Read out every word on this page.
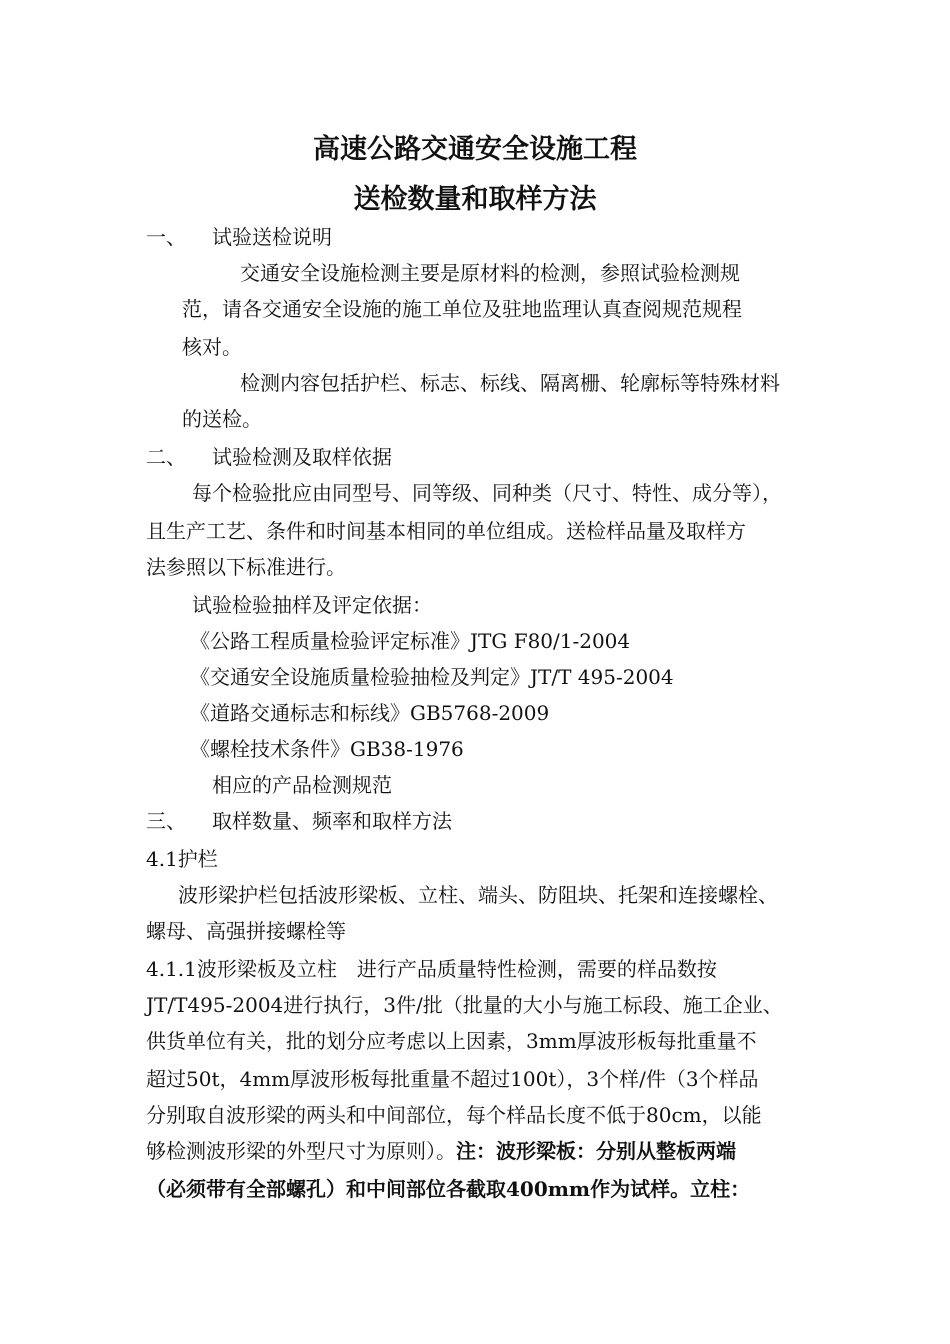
高速公路交通安全设施工程
送检数量和取样方法
一、 试验送检说明
交通安全设施检测主要是原材料的检测，参照试验检测规
范，请各交通安全设施的施工单位及驻地监理认真查阅规范规程
核对。
检测内容包括护栏、标志、标线、隔离栅、轮廓标等特殊材料
的送检。
二、 试验检测及取样依据
每个检验批应由同型号、同等级、同种类（尺寸、特性、成分等），
且生产工艺、条件和时间基本相同的单位组成。送检样品量及取样方
法参照以下标准进行。
试验检验抽样及评定依据：
《公路工程质量检验评定标准》JTG F80/1-2004
《交通安全设施质量检验抽检及判定》JT/T 495-2004
《道路交通标志和标线》GB5768-2009
《螺栓技术条件》GB38-1976
相应的产品检测规范
三、 取样数量、频率和取样方法
4.1护栏
波形梁护栏包括波形梁板、立柱、端头、防阻块、托架和连接螺栓、
螺母、高强拼接螺栓等
4.1.1波形梁板及立柱　进行产品质量特性检测，需要的样品数按
JT/T495-2004进行执行，3件/批（批量的大小与施工标段、施工企业、
供货单位有关，批的划分应考虑以上因素，3mm厚波形板每批重量不
超过50t，4mm厚波形板每批重量不超过100t），3个样/件（3个样品
分别取自波形梁的两头和中间部位，每个样品长度不低于80cm，以能
够检测波形梁的外型尺寸为原则）。注：波形梁板：分别从整板两端
（必须带有全部螺孔）和中间部位各截取400mm作为试样。立柱：
